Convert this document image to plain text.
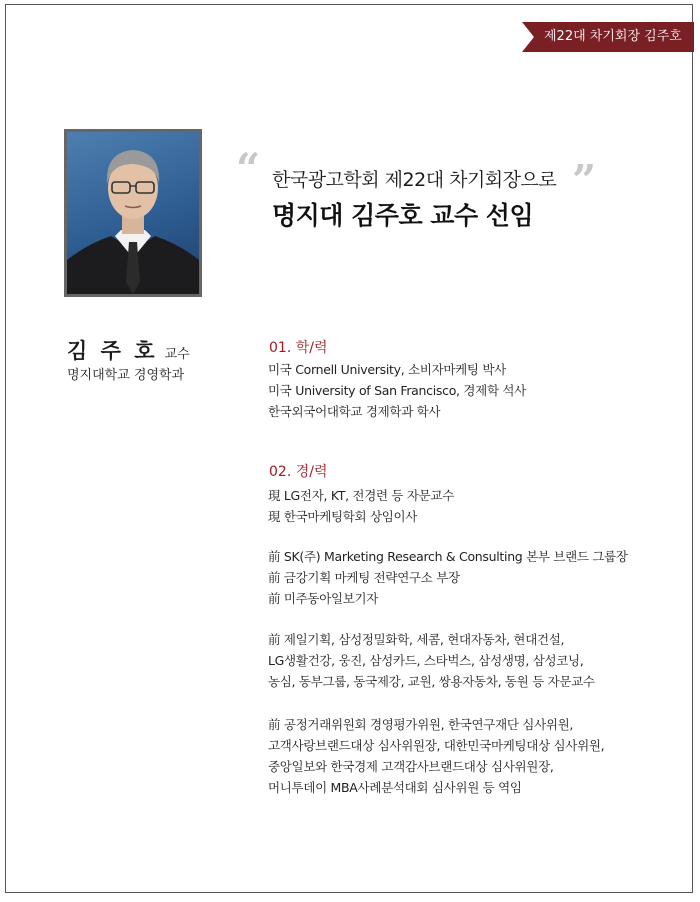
제22대 차기회장 김주호 교수
“ 한국광고학회 제22대 차기회장으로
명지대 김주호 교수 선임
”
김 주 호 교수
명지대학교 경영학과
01. 학/력
미국 Cornell University, 소비자마케팅 박사
미국 University of San Francisco, 경제학 석사
한국외국어대학교 경제학과 학사
02. 경/력
現 LG전자, KT, 전경련 등 자문교수
現 한국마케팅학회 상임이사
前 SK(주) Marketing Research & Consulting 본부 브랜드 그룹장
前 금강기획 마케팅 전략연구소 부장
前 미주동아일보기자
前 제일기획, 삼성정밀화학, 세콤, 현대자동차, 현대건설,
LG생활건강, 웅진, 삼성카드, 스타벅스, 삼성생명, 삼성코닝,
농심, 동부그룹, 동국제강, 교원, 쌍용자동차, 동원 등 자문교수
前 공정거래위원회 경영평가위원, 한국연구재단 심사위원,
고객사랑브랜드대상 심사위원장, 대한민국마케팅대상 심사위원,
중앙일보와 한국경제 고객감사브랜드대상 심사위원장,
머니투데이 MBA사례분석대회 심사위원 등 역임
